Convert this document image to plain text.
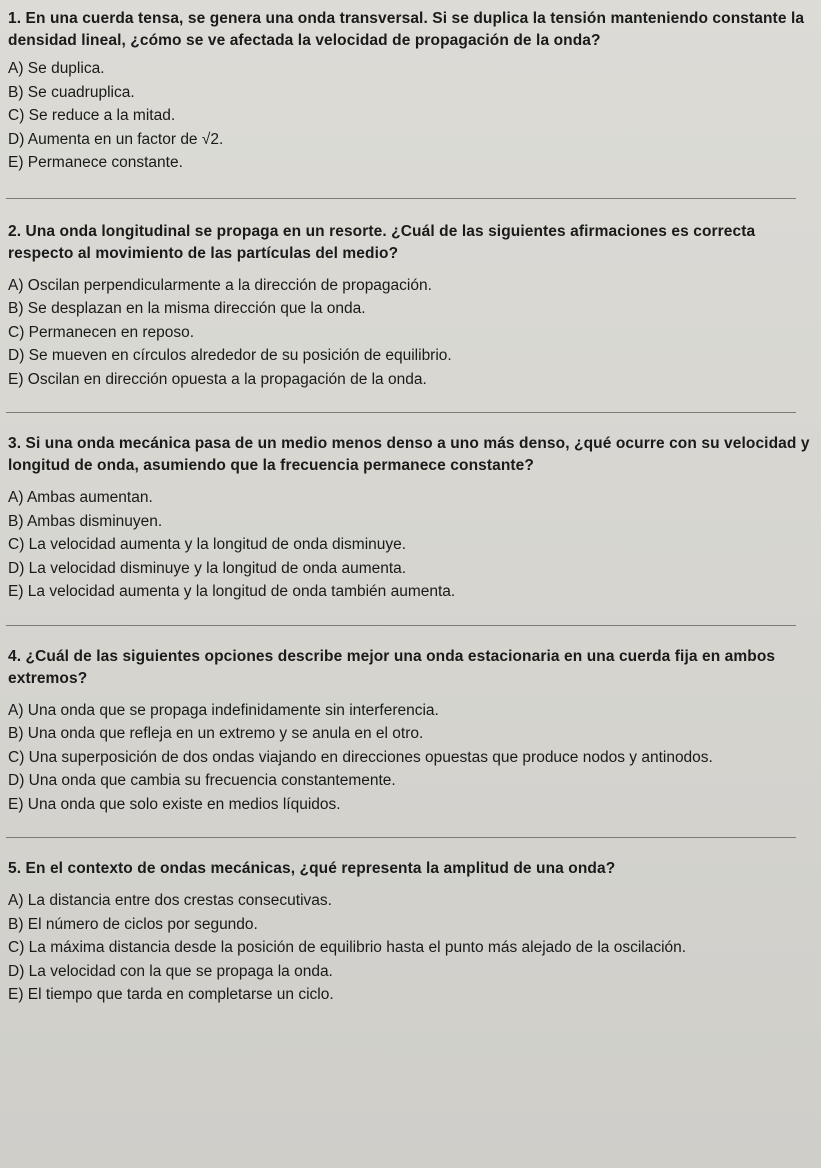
1. En una cuerda tensa, se genera una onda transversal. Si se duplica la tensión manteniendo constante la densidad lineal, ¿cómo se ve afectada la velocidad de propagación de la onda?

A) Se duplica.

B) Se cuadruplica.

C) Se reduce a la mitad.

D) Aumenta en un factor de √2.

E) Permanece constante.

2. Una onda longitudinal se propaga en un resorte. ¿Cuál de las siguientes afirmaciones es correcta respecto al movimiento de las partículas del medio?

A) Oscilan perpendicularmente a la dirección de propagación.

B) Se desplazan en la misma dirección que la onda.

C) Permanecen en reposo.

D) Se mueven en círculos alrededor de su posición de equilibrio.

E) Oscilan en dirección opuesta a la propagación de la onda.

3. Si una onda mecánica pasa de un medio menos denso a uno más denso, ¿qué ocurre con su velocidad y longitud de onda, asumiendo que la frecuencia permanece constante?

A) Ambas aumentan.

B) Ambas disminuyen.

C) La velocidad aumenta y la longitud de onda disminuye.

D) La velocidad disminuye y la longitud de onda aumenta.

E) La velocidad aumenta y la longitud de onda también aumenta.

4. ¿Cuál de las siguientes opciones describe mejor una onda estacionaria en una cuerda fija en ambos extremos?

A) Una onda que se propaga indefinidamente sin interferencia.

B) Una onda que refleja en un extremo y se anula en el otro.

C) Una superposición de dos ondas viajando en direcciones opuestas que produce nodos y antinodos.

D) Una onda que cambia su frecuencia constantemente.

E) Una onda que solo existe en medios líquidos.

5. En el contexto de ondas mecánicas, ¿qué representa la amplitud de una onda?

A) La distancia entre dos crestas consecutivas.

B) El número de ciclos por segundo.

C) La máxima distancia desde la posición de equilibrio hasta el punto más alejado de la oscilación.

D) La velocidad con la que se propaga la onda.

E) El tiempo que tarda en completarse un ciclo.
